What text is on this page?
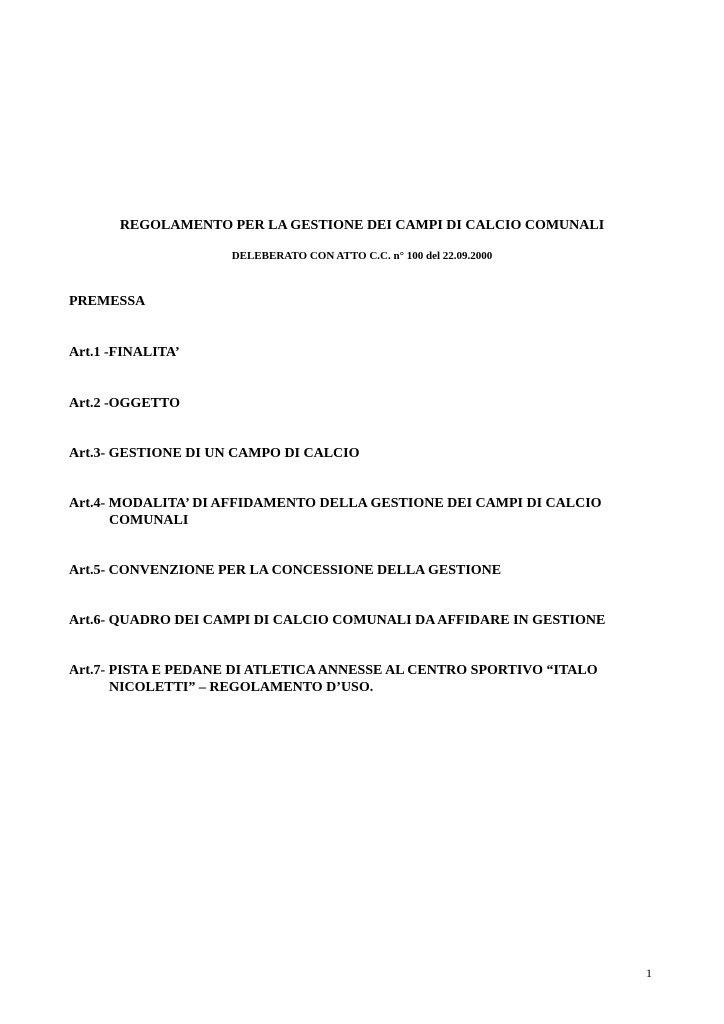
REGOLAMENTO PER LA GESTIONE DEI CAMPI DI CALCIO COMUNALI
DELEBERATO CON ATTO C.C. n° 100 del 22.09.2000
PREMESSA
Art.1 -FINALITA’
Art.2 -OGGETTO
Art.3- GESTIONE DI UN CAMPO DI CALCIO
Art.4- MODALITA’ DI AFFIDAMENTO DELLA GESTIONE DEI CAMPI DI CALCIO
COMUNALI
Art.5- CONVENZIONE PER LA CONCESSIONE DELLA GESTIONE
Art.6- QUADRO DEI CAMPI DI CALCIO COMUNALI DA AFFIDARE IN GESTIONE
Art.7- PISTA E PEDANE DI ATLETICA ANNESSE AL CENTRO SPORTIVO “ITALO
NICOLETTI” – REGOLAMENTO D’USO.
1
